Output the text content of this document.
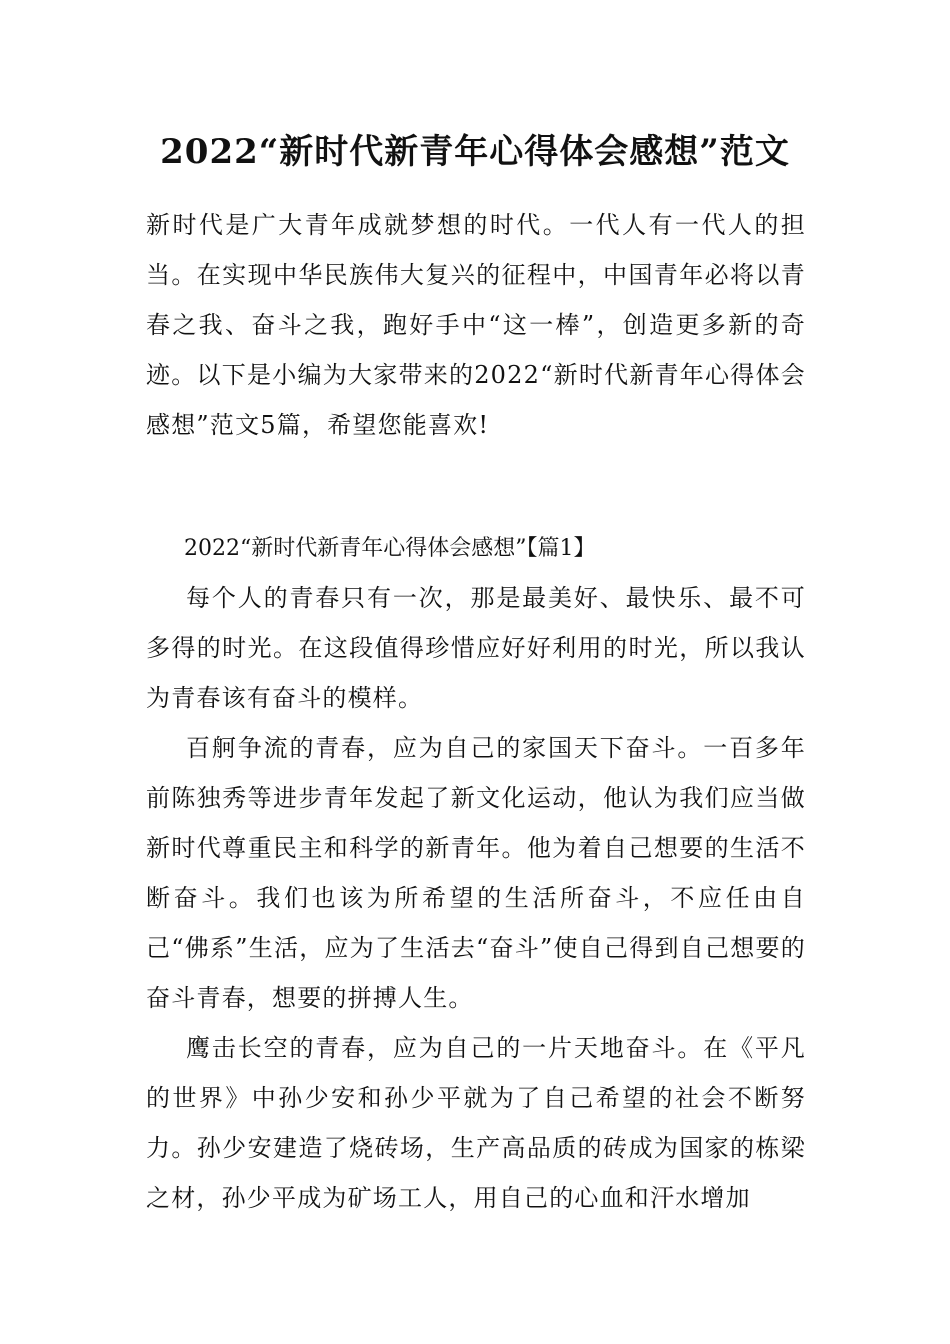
2022“新时代新青年心得体会感想”范文

新时代是广大青年成就梦想的时代。一代人有一代人的担当。在实现中华民族伟大复兴的征程中，中国青年必将以青春之我、奋斗之我，跑好手中“这一棒”，创造更多新的奇迹。以下是小编为大家带来的2022“新时代新青年心得体会感想”范文5篇，希望您能喜欢!

2022“新时代新青年心得体会感想”【篇1】

每个人的青春只有一次，那是最美好、最快乐、最不可多得的时光。在这段值得珍惜应好好利用的时光，所以我认为青春该有奋斗的模样。

百舸争流的青春，应为自己的家国天下奋斗。一百多年前陈独秀等进步青年发起了新文化运动，他认为我们应当做新时代尊重民主和科学的新青年。他为着自己想要的生活不断奋斗。我们也该为所希望的生活所奋斗，不应任由自己“佛系”生活，应为了生活去“奋斗”使自己得到自己想要的奋斗青春，想要的拼搏人生。

鹰击长空的青春，应为自己的一片天地奋斗。在《平凡的世界》中孙少安和孙少平就为了自己希望的社会不断努力。孙少安建造了烧砖场，生产高品质的砖成为国家的栋梁之材，孙少平成为矿场工人，用自己的心血和汗水增加
